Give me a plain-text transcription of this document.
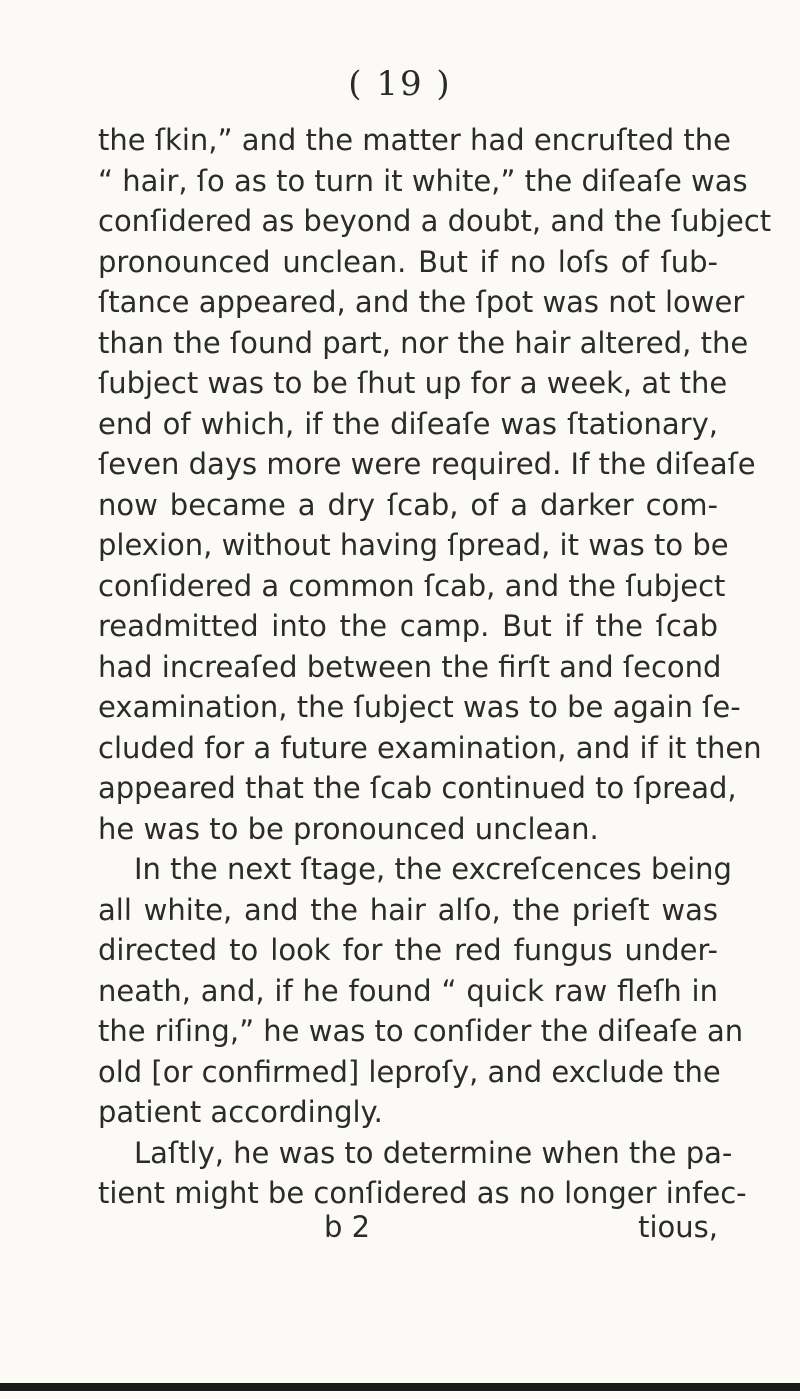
( 19 )
the ſkin,” and the matter had encruſted the
“ hair, ſo as to turn it white,” the diſeaſe was
conſidered as beyond a doubt, and the ſubject
pronounced unclean. But if no loſs of ſub-
ſtance appeared, and the ſpot was not lower
than the ſound part, nor the hair altered, the
ſubject was to be ſhut up for a week, at the
end of which, if the diſeaſe was ſtationary,
ſeven days more were required. If the diſeaſe
now became a dry ſcab, of a darker com-
plexion, without having ſpread, it was to be
conſidered a common ſcab, and the ſubject
readmitted into the camp. But if the ſcab
had increaſed between the firſt and ſecond
examination, the ſubject was to be again ſe-
cluded for a future examination, and if it then
appeared that the ſcab continued to ſpread,
he was to be pronounced unclean.
In the next ſtage, the excreſcences being
all white, and the hair alſo, the prieſt was
directed to look for the red fungus under-
neath, and, if he found “ quick raw fleſh in
the riſing,” he was to conſider the diſeaſe an
old [or confirmed] leproſy, and exclude the
patient accordingly.
Laſtly, he was to determine when the pa-
tient might be conſidered as no longer infec-
b 2	tious,
